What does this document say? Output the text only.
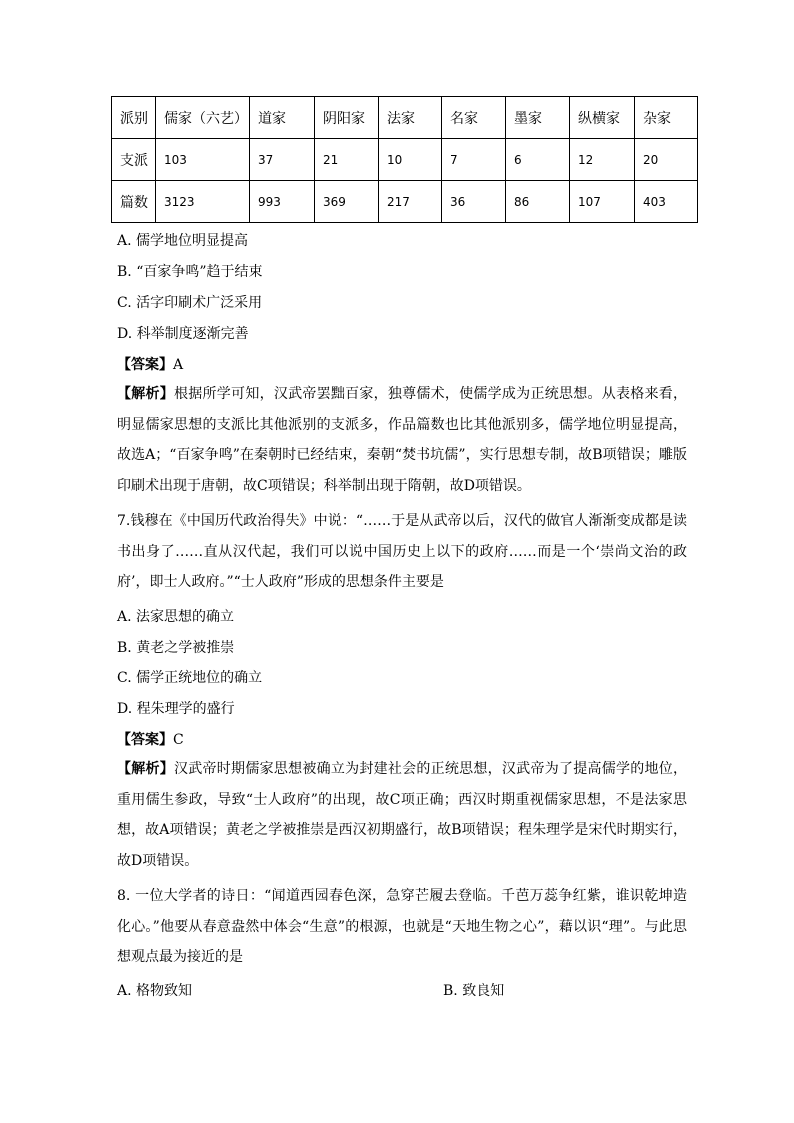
派别	儒家（六艺）	道家	阴阳家	法家	名家	墨家	纵横家	杂家
支派	103	37	21	10	7	6	12	20
篇数	3123	993	369	217	36	86	107	403
A. 儒学地位明显提高
B. “百家争鸣”趋于结束
C. 活字印刷术广泛采用
D. 科举制度逐渐完善
【答案】A
【解析】根据所学可知，汉武帝罢黜百家，独尊儒术，使儒学成为正统思想。从表格来看，明显儒家思想的支派比其他派别的支派多，作品篇数也比其他派别多，儒学地位明显提高，故选A；“百家争鸣”在秦朝时已经结束，秦朝“焚书坑儒”，实行思想专制，故B项错误；雕版印刷术出现于唐朝，故C项错误；科举制出现于隋朝，故D项错误。
7.钱穆在《中国历代政治得失》中说：“……于是从武帝以后，汉代的做官人渐渐变成都是读书出身了……直从汉代起，我们可以说中国历史上以下的政府……而是一个‘崇尚文治的政府’，即士人政府。”“士人政府”形成的思想条件主要是
A. 法家思想的确立
B. 黄老之学被推崇
C. 儒学正统地位的确立
D. 程朱理学的盛行
【答案】C
【解析】汉武帝时期儒家思想被确立为封建社会的正统思想，汉武帝为了提高儒学的地位，重用儒生参政，导致“士人政府”的出现，故C项正确；西汉时期重视儒家思想，不是法家思想，故A项错误；黄老之学被推崇是西汉初期盛行，故B项错误；程朱理学是宋代时期实行，故D项错误。
8. 一位大学者的诗日：“闻道西园春色深，急穿芒履去登临。千芭万蕊争红紫，谁识乾坤造化心。”他要从春意盎然中体会“生意”的根源，也就是“天地生物之心”，藉以识“理”。与此思想观点最为接近的是
A. 格物致知	B. 致良知
